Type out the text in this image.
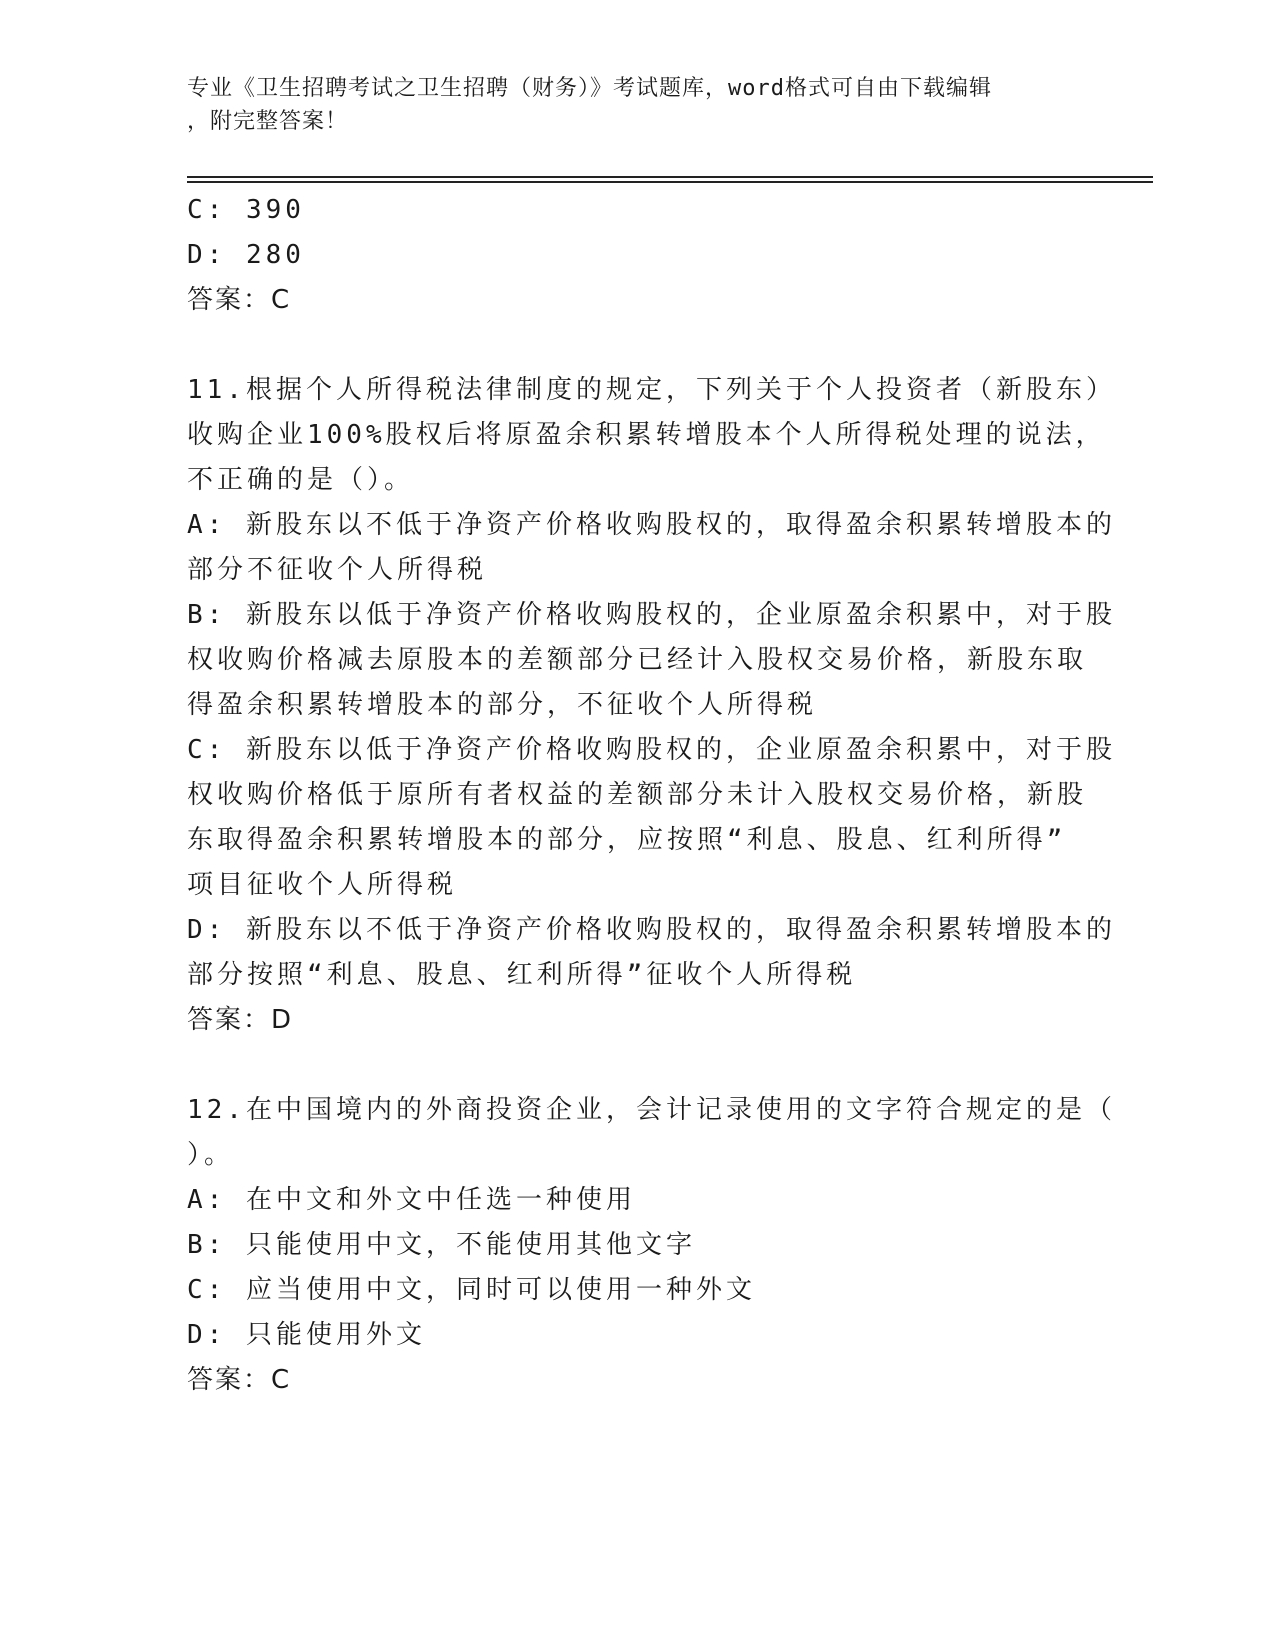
专业《卫生招聘考试之卫生招聘（财务）》考试题库，word格式可自由下载编辑
，附完整答案！
C: 390
D: 280
答案：C
11.根据个人所得税法律制度的规定，下列关于个人投资者（新股东）
收购企业100%股权后将原盈余积累转增股本个人所得税处理的说法，
不正确的是（）。
A: 新股东以不低于净资产价格收购股权的，取得盈余积累转增股本的
部分不征收个人所得税
B: 新股东以低于净资产价格收购股权的，企业原盈余积累中，对于股
权收购价格减去原股本的差额部分已经计入股权交易价格，新股东取
得盈余积累转增股本的部分，不征收个人所得税
C: 新股东以低于净资产价格收购股权的，企业原盈余积累中，对于股
权收购价格低于原所有者权益的差额部分未计入股权交易价格，新股
东取得盈余积累转增股本的部分，应按照“利息、股息、红利所得”
项目征收个人所得税
D: 新股东以不低于净资产价格收购股权的，取得盈余积累转增股本的
部分按照“利息、股息、红利所得”征收个人所得税
答案：D
12.在中国境内的外商投资企业，会计记录使用的文字符合规定的是（
）。
A: 在中文和外文中任选一种使用
B: 只能使用中文，不能使用其他文字
C: 应当使用中文，同时可以使用一种外文
D: 只能使用外文
答案：C
